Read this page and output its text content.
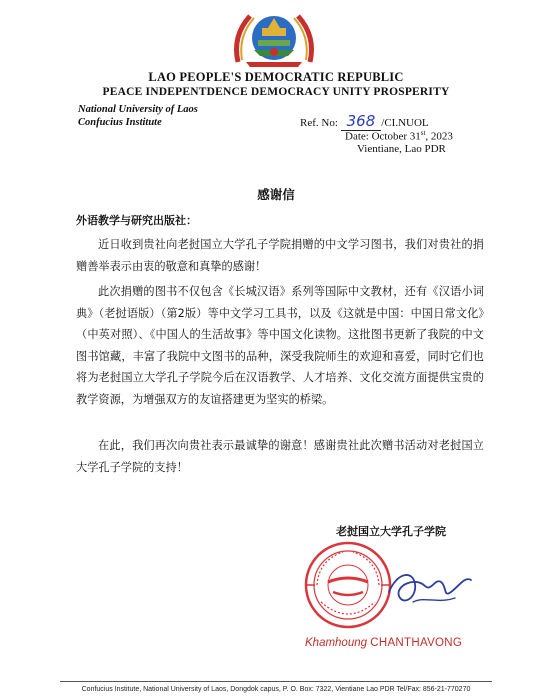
LAO PEOPLE'S DEMOCRATIC REPUBLIC
PEACE INDEPENTDENCE DEMOCRACY UNITY PROSPERITY
National University of Laos
Confucius Institute	Ref. No: 368 /CI.NUOL
Date: October 31st, 2023
Vientiane, Lao PDR
感谢信
外语教学与研究出版社：
近日收到贵社向老挝国立大学孔子学院捐赠的中文学习图书，我们对贵社的捐赠善举表示由衷的敬意和真挚的感谢！
此次捐赠的图书不仅包含《长城汉语》系列等国际中文教材，还有《汉语小词典》（老挝语版）（第2版）等中文学习工具书，以及《这就是中国：中国日常文化》（中英对照）、《中国人的生活故事》等中国文化读物。这批图书更新了我院的中文图书馆藏，丰富了我院中文图书的品种，深受我院师生的欢迎和喜爱，同时它们也将为老挝国立大学孔子学院今后在汉语教学、人才培养、文化交流方面提供宝贵的教学资源，为增强双方的友谊搭建更为坚实的桥梁。
在此，我们再次向贵社表示最诚挚的谢意！感谢贵社此次赠书活动对老挝国立大学孔子学院的支持！
老挝国立大学孔子学院
Khamhoung CHANTHAVONG
Confucius Institute, National University of Laos, Dongdok capus, P. O. Box: 7322, Vientiane Lao PDR Tel/Fax: 856-21-770270
